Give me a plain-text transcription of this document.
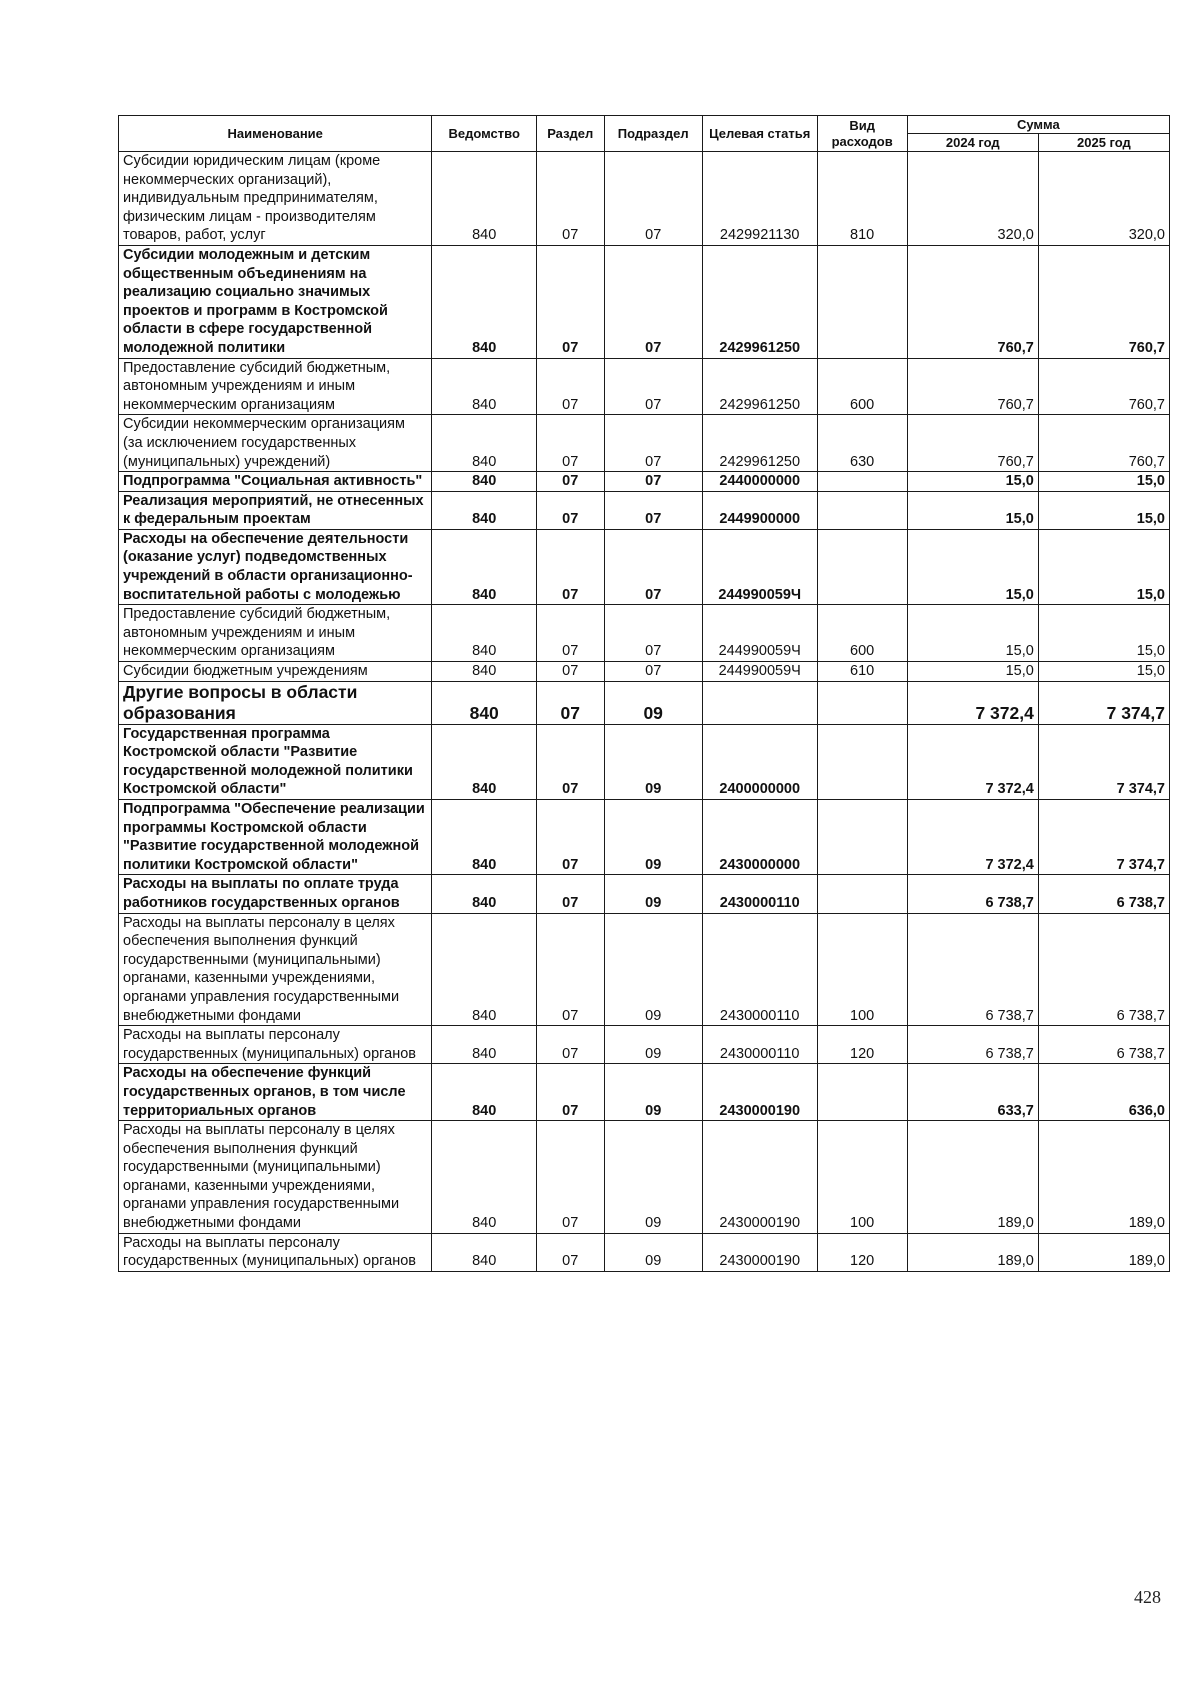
Наименование	Ведомство	Раздел	Подраздел	Целевая статья	Вид расходов	Сумма	
						2024 год	2025 год
Субсидии юридическим лицам (кроме некоммерческих организаций), индивидуальным предпринимателям, физическим лицам - производителям товаров, работ, услуг	840	07	07	2429921130	810	320,0	320,0
Субсидии молодежным и детским общественным объединениям на реализацию социально значимых проектов и программ в Костромской области в сфере государственной молодежной политики	840	07	07	2429961250		760,7	760,7
Предоставление субсидий бюджетным, автономным учреждениям и иным некоммерческим организациям	840	07	07	2429961250	600	760,7	760,7
Субсидии некоммерческим организациям (за исключением государственных (муниципальных) учреждений)	840	07	07	2429961250	630	760,7	760,7
Подпрограмма "Социальная активность"	840	07	07	2440000000		15,0	15,0
Реализация мероприятий, не отнесенных к федеральным проектам	840	07	07	2449900000		15,0	15,0
Расходы на обеспечение деятельности (оказание услуг) подведомственных учреждений в области организационно-воспитательной работы с молодежью	840	07	07	244990059Ч		15,0	15,0
Предоставление субсидий бюджетным, автономным учреждениям и иным некоммерческим организациям	840	07	07	244990059Ч	600	15,0	15,0
Субсидии бюджетным учреждениям	840	07	07	244990059Ч	610	15,0	15,0
Другие вопросы в области образования	840	07	09			7 372,4	7 374,7
Государственная программа Костромской области "Развитие государственной молодежной политики Костромской области"	840	07	09	2400000000		7 372,4	7 374,7
Подпрограмма "Обеспечение реализации программы Костромской области "Развитие государственной молодежной политики Костромской области"	840	07	09	2430000000		7 372,4	7 374,7
Расходы на выплаты по оплате труда работников государственных органов	840	07	09	2430000110		6 738,7	6 738,7
Расходы на выплаты персоналу в целях обеспечения выполнения функций государственными (муниципальными) органами, казенными учреждениями, органами управления государственными внебюджетными фондами	840	07	09	2430000110	100	6 738,7	6 738,7
Расходы на выплаты персоналу государственных (муниципальных) органов	840	07	09	2430000110	120	6 738,7	6 738,7
Расходы на обеспечение функций государственных органов, в том числе территориальных органов	840	07	09	2430000190		633,7	636,0
Расходы на выплаты персоналу в целях обеспечения выполнения функций государственными (муниципальными) органами, казенными учреждениями, органами управления государственными внебюджетными фондами	840	07	09	2430000190	100	189,0	189,0
Расходы на выплаты персоналу государственных (муниципальных) органов	840	07	09	2430000190	120	189,0	189,0
428
